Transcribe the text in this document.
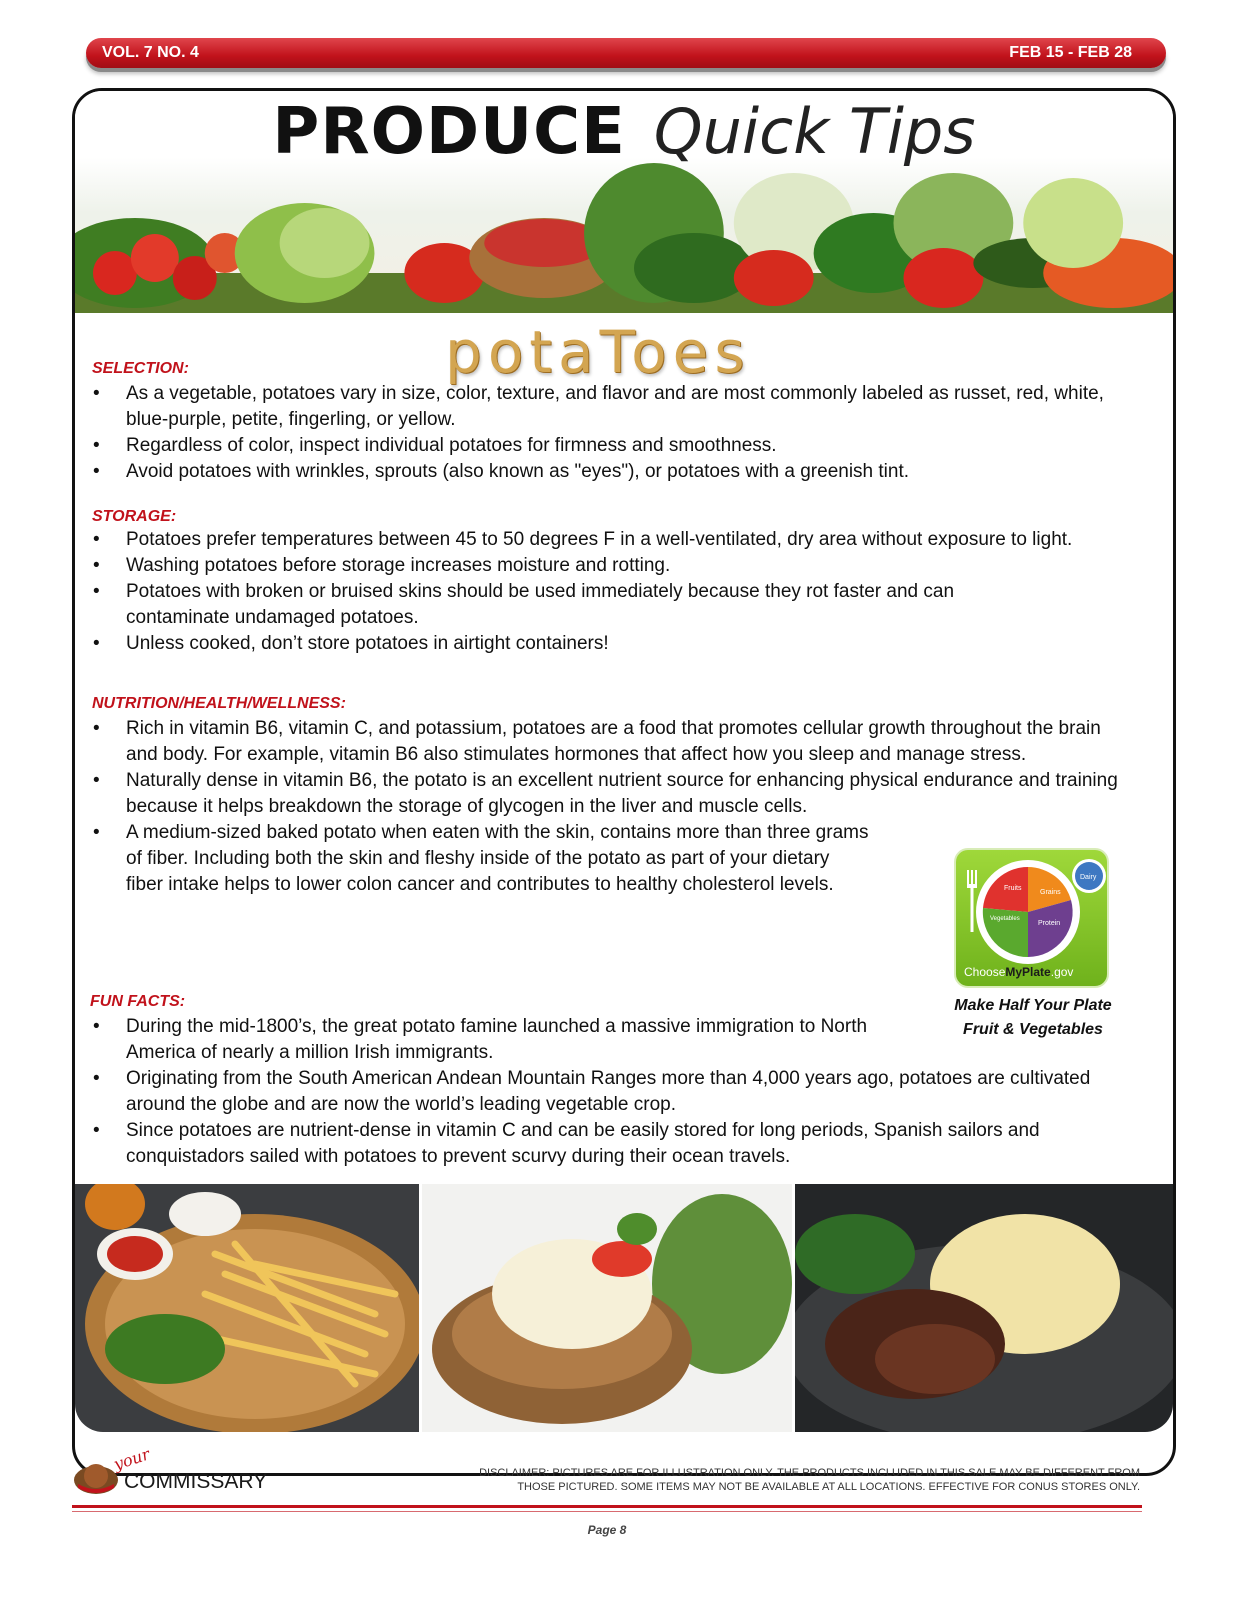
VOL. 7 NO. 4	FEB 15 - FEB 28
PRODUCE Quick Tips
potaToes
SELECTION:
• As a vegetable, potatoes vary in size, color, texture, and flavor and are most commonly labeled as russet, red, white, blue-purple, petite, fingerling, or yellow.
• Regardless of color, inspect individual potatoes for firmness and smoothness.
• Avoid potatoes with wrinkles, sprouts (also known as "eyes"), or potatoes with a greenish tint.
STORAGE:
• Potatoes prefer temperatures between 45 to 50 degrees F in a well-ventilated, dry area without exposure to light.
• Washing potatoes before storage increases moisture and rotting.
• Potatoes with broken or bruised skins should be used immediately because they rot faster and can contaminate undamaged potatoes.
• Unless cooked, don’t store potatoes in airtight containers!
NUTRITION/HEALTH/WELLNESS:
• Rich in vitamin B6, vitamin C, and potassium, potatoes are a food that promotes cellular growth throughout the brain and body. For example, vitamin B6 also stimulates hormones that affect how you sleep and manage stress.
• Naturally dense in vitamin B6, the potato is an excellent nutrient source for enhancing physical endurance and training because it helps breakdown the storage of glycogen in the liver and muscle cells.
• A medium-sized baked potato when eaten with the skin, contains more than three grams of fiber. Including both the skin and fleshy inside of the potato as part of your dietary fiber intake helps to lower colon cancer and contributes to healthy cholesterol levels.	Fruits
Grains
Vegetables
Protein
Dairy
ChooseMyPlate.gov
Make Half Your Plate
Fruit & Vegetables
FUN FACTS:
• During the mid-1800’s, the great potato famine launched a massive immigration to North America of nearly a million Irish immigrants.
• Originating from the South American Andean Mountain Ranges more than 4,000 years ago, potatoes are cultivated around the globe and are now the world’s leading vegetable crop.
• Since potatoes are nutrient-dense in vitamin C and can be easily stored for long periods, Spanish sailors and conquistadors sailed with potatoes to prevent scurvy during their ocean travels.
your
COMMISSARY	DISCLAIMER: PICTURES ARE FOR ILLUSTRATION ONLY. THE PRODUCTS INCLUDED IN THIS SALE MAY BE DIFFERENT FROM
THOSE PICTURED. SOME ITEMS MAY NOT BE AVAILABLE AT ALL LOCATIONS. EFFECTIVE FOR CONUS STORES ONLY.
Page 8
